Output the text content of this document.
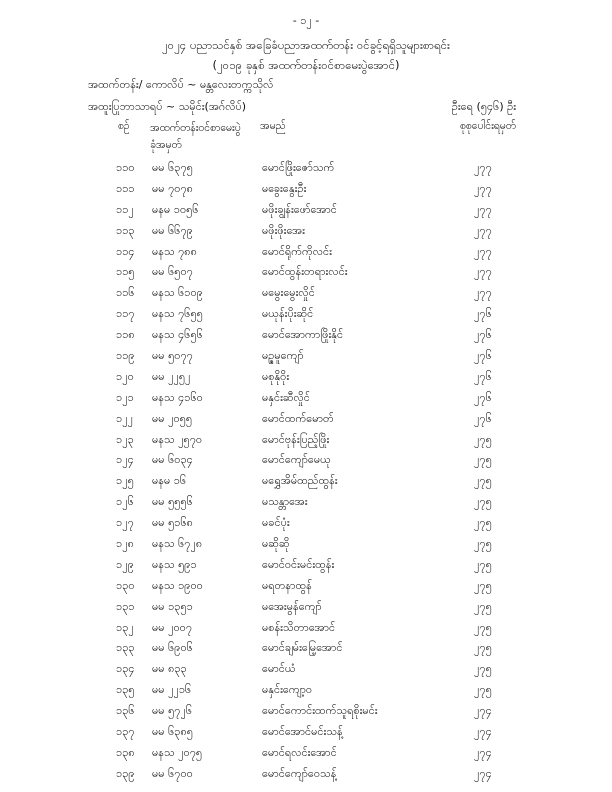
- ၁၂ -
၂၀၂၄ ပညာသင်နှစ် အခြေခံပညာအထက်တန်း ဝင်ခွင့်ရရှိသူများစာရင်း
(၂၀၁၉ ခုနှစ် အထက်တန်းဝင်စာမေးပွဲအောင်)
အထက်တန်း/ ကောလိပ် ~ မန္တလေးတက္ကသိုလ်
အထူးပြုဘာသာရပ် ~ သမိုင်း(အဂ်လိပ်)	ဦးရေ (၅၄၆) ဦး
စဉ် အထက်တန်းဝင်စာမေးပွဲ ခုံအမှတ်
အမည်	စုစုပေါင်းရမှတ်
၁၁၀ မမ ၆၃၇၅	မောင်ဖြိုးဇော်သက်	၂၇၇
၁၁၁ မမ ၇၀၇၈	မခွေးနွေးဦး	၂၇၇
၁၁၂ မနမ ၁၀၅၆	မဖိုးချွန်းဖော်အောင်	၂၇၇
၁၁၃ မမ ၆၆၇၉	မဖိုးဖိုးအေး	၂၇၇
၁၁၄ မနသ ၇၈၈	မောင်ရိုက်ကိုလင်း	၂၇၇
၁၁၅ မမ ၆၅၀၇	မောင်ထွန်းတရားလင်း	၂၇၇
၁၁၆ မနသ ၆၁၀၉	မမွေးမွေးလှိုင်	၂၇၇
၁၁၇ မနသ ၇၆၅၅	မယုန်းပိုးဆိုင်	၂၇၆
၁၁၈ မနသ ၄၆၅၆	မောင်အောကာဖြိုးနိုင်	၂၇၆
၁၁၉ မမ ၅၀၇၇	မဉ္ဇမူကျော်	၂၇၆
၁၂၀ မမ ၂၂၅၂	မစုနိုဝိုး	၂၇၆
၁၂၁ မနသ ၄၁၆၀	မနှင်းဆီလှိုင်	၂၇၆
၁၂၂ မမ ၂၀၅၅	မောင်ထက်မောတ်	၂၇၆
၁၂၃ မနသ ၂၅၇၀	မောင်ဗုန်းပြည့်ဖြိုး	၂၇၅
၁၂၄ မမ ၆၀၃၄	မောင်ကျော်မေယု	၂၇၅
၁၂၅ မနမ ၁၆	မရွှေအိမ်ထည်ထွန်း	၂၇၅
၁၂၆ မမ ၅၅၅၆	မသန္တာအေး	၂၇၅
၁၂၇ မမ ၅၁၆၈	မခင်ပုံး	၂၇၅
၁၂၈ မနသ ၆၇၂၈	မဆိုဆို	၂၇၅
၁၂၉ မနသ ၅၉၁	မောင်ဝင်းမင်းထွန်း	၂၇၅
၁၃၀ မနသ ၁၉၀၀	မရတနာထွန်	၂၇၅
၁၃၁ မမ ၁၃၅၁	မအေးမွန်ကျော်	၂၇၅
၁၃၂ မမ ၂၀၀၇	မစန်းသိတာအောင်	၂၇၅
၁၃၃ မမ ၆၉၀၆	မောင်ချမ်းမြေ့အောင်	၂၇၅
၁၃၄ မမ ၈၃၃	မောင်ယံ	၂၇၅
၁၃၅ မမ ၂၂၁၆	မနှင်းကျော့၀	၂၇၅
၁၃၆ မမ ၅၇၂၆	မောင်ကောင်းထက်သူရစိုးမင်း	၂၇၄
၁၃၇ မမ ၆၃၈၅	မောင်အောင်မင်းသန့်	၂၇၄
၁၃၈ မနသ ၂၀၇၅	မောင်ရလင်းအောင်	၂၇၄
၁၃၉ မမ ၆၇၀၀	မောင်ကျော်ဝေသန့်	၂၇၄
